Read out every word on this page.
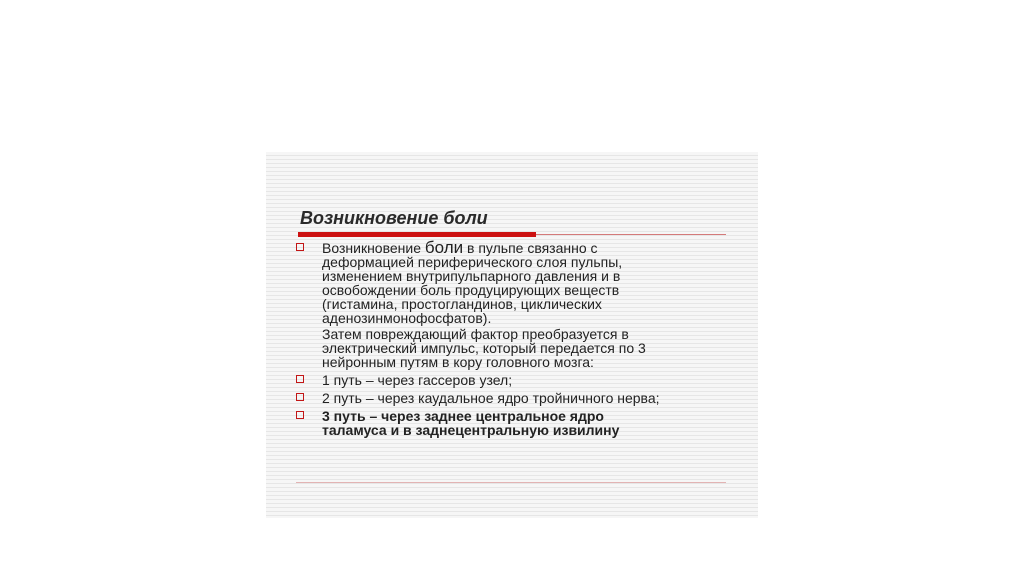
Возникновение боли
Возникновение боли в пульпе связанно с
деформацией периферического слоя пульпы,
изменением внутрипульпарного давления и в
освобождении боль продуцирующих веществ
(гистамина, простогландинов, циклических
аденозинмонофосфатов).
Затем повреждающий фактор преобразуется в
электрический импульс, который передается по 3
нейронным путям в кору головного мозга:
1 путь – через гассеров узел;
2 путь – через каудальное ядро тройничного нерва;
3 путь – через заднее центральное ядро
таламуса и в заднецентральную извилину
